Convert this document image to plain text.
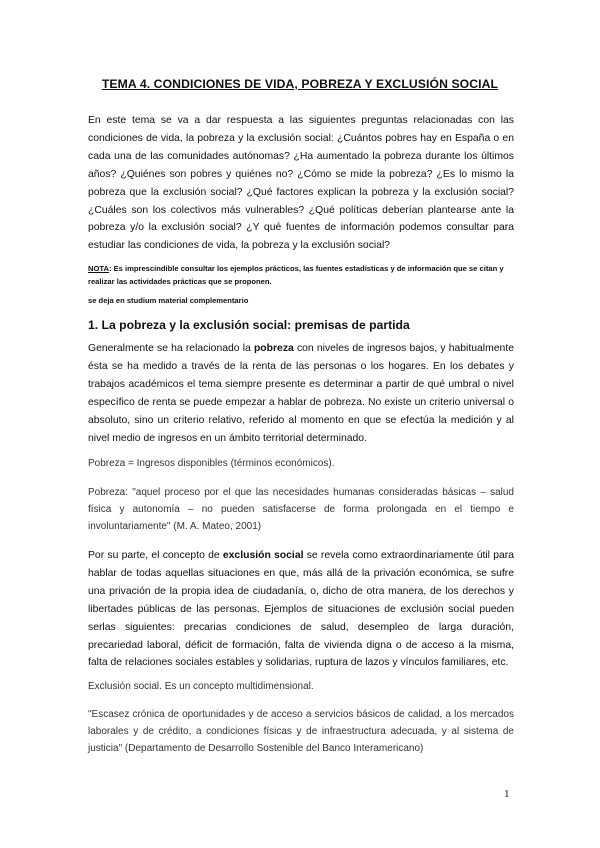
TEMA 4. CONDICIONES DE VIDA, POBREZA Y EXCLUSIÓN SOCIAL

En este tema se va a dar respuesta a las siguientes preguntas relacionadas con las condiciones de vida, la pobreza y la exclusión social: ¿Cuántos pobres hay en España o en cada una de las comunidades autónomas? ¿Ha aumentado la pobreza durante los últimos años? ¿Quiénes son pobres y quiénes no? ¿Cómo se mide la pobreza? ¿Es lo mismo la pobreza que la exclusión social? ¿Qué factores explican la pobreza y la exclusión social? ¿Cuáles son los colectivos más vulnerables? ¿Qué políticas deberían plantearse ante la pobreza y/o la exclusión social? ¿Y qué fuentes de información podemos consultar para estudiar las condiciones de vida, la pobreza y la exclusión social?

NOTA: Es imprescindible consultar los ejemplos prácticos, las fuentes estadísticas y de información que se citan y realizar las actividades prácticas que se proponen.

se deja en studium material complementario

1. La pobreza y la exclusión social: premisas de partida

Generalmente se ha relacionado la pobreza con niveles de ingresos bajos, y habitualmente ésta se ha medido a través de la renta de las personas o los hogares. En los debates y trabajos académicos el tema siempre presente es determinar a partir de qué umbral o nivel específico de renta se puede empezar a hablar de pobreza. No existe un criterio universal o absoluto, sino un criterio relativo, referido al momento en que se efectúa la medición y al nivel medio de ingresos en un ámbito territorial determinado.

Pobreza = Ingresos disponibles (términos económicos).

Pobreza: "aquel proceso por el que las necesidades humanas consideradas básicas – salud física y autonomía – no pueden satisfacerse de forma prolongada en el tiempo e involuntariamente" (M. A. Mateo, 2001)

Por su parte, el concepto de exclusión social se revela como extraordinariamente útil para hablar de todas aquellas situaciones en que, más allá de la privación económica, se sufre una privación de la propia idea de ciudadanía, o, dicho de otra manera, de los derechos y libertades públicas de las personas. Ejemplos de situaciones de exclusión social pueden serlas siguientes: precarias condiciones de salud, desempleo de larga duración, precariedad laboral, déficit de formación, falta de vivienda digna o de acceso a la misma, falta de relaciones sociales estables y solidarias, ruptura de lazos y vínculos familiares, etc.

Exclusión social. Es un concepto multidimensional.

"Escasez crónica de oportunidades y de acceso a servicios básicos de calidad, a los mercados laborales y de crédito, a condiciones físicas y de infraestructura adecuada, y al sistema de justicia" (Departamento de Desarrollo Sostenible del Banco Interamericano)

1
